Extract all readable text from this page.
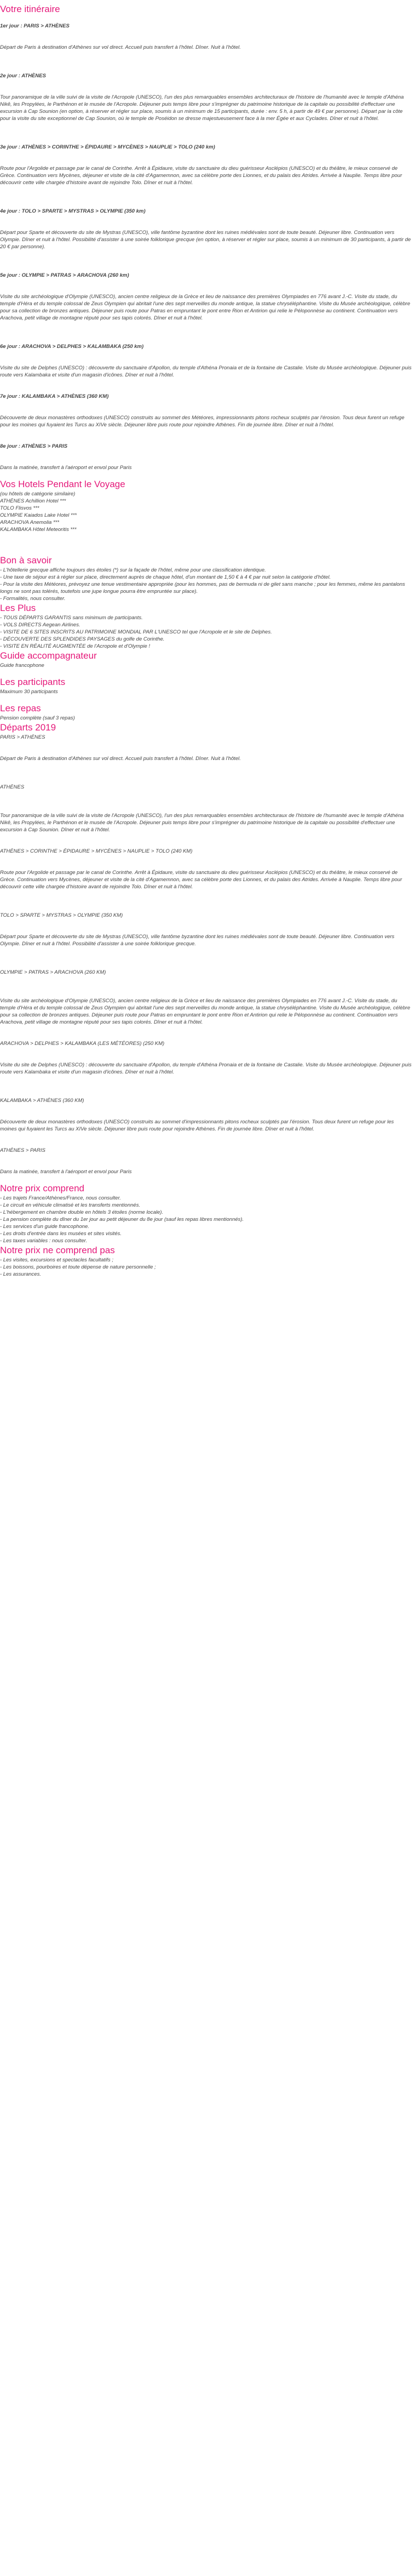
Votre itinéraire

1er jour : PARIS > ATHÈNES

Départ de Paris à destination d'Athènes sur vol direct. Accueil puis transfert à l'hôtel. Dîner. Nuit à l'hôtel.

2e jour : ATHÈNES

Tour panoramique de la ville suivi de la visite de l'Acropole (UNESCO), l'un des plus remarquables ensembles architecturaux de l'histoire de l'humanité avec le temple d'Athéna Nikê, les Propylées, le Parthénon et le musée de l'Acropole. Déjeuner puis temps libre pour s'imprégner du patrimoine historique de la capitale ou possibilité d'effectuer une excursion à Cap Sounion (en option, à réserver et régler sur place, soumis à un minimum de 15 participants, durée : env. 5 h, à partir de 49 € par personne). Départ par la côte pour la visite du site exceptionnel de Cap Sounion, où le temple de Poséidon se dresse majestueusement face à la mer Égée et aux Cyclades. Dîner et nuit à l'hôtel.

3e jour : ATHÈNES > CORINTHE > ÉPIDAURE > MYCÈNES > NAUPLIE > TOLO (240 km)

Route pour l'Argolide et passage par le canal de Corinthe. Arrêt à Épidaure, visite du sanctuaire du dieu guérisseur Asclépios (UNESCO) et du théâtre, le mieux conservé de Grèce. Continuation vers Mycènes, déjeuner et visite de la cité d'Agamemnon, avec sa célèbre porte des Lionnes, et du palais des Atrides. Arrivée à Nauplie. Temps libre pour découvrir cette ville chargée d'histoire avant de rejoindre Tolo. Dîner et nuit à l'hôtel.

4e jour : TOLO > SPARTE > MYSTRAS > OLYMPIE (350 km)

Départ pour Sparte et découverte du site de Mystras (UNESCO), ville fantôme byzantine dont les ruines médiévales sont de toute beauté. Déjeuner libre. Continuation vers Olympie. Dîner et nuit à l'hôtel. Possibilité d'assister à une soirée folklorique grecque (en option, à réserver et régler sur place, soumis à un minimum de 30 participants, à partir de 20 € par personne).

5e jour : OLYMPIE > PATRAS > ARACHOVA (260 km)

Visite du site archéologique d'Olympie (UNESCO), ancien centre religieux de la Grèce et lieu de naissance des premières Olympiades en 776 avant J.-C. Visite du stade, du temple d'Héra et du temple colossal de Zeus Olympien qui abritait l'une des sept merveilles du monde antique, la statue chryséléphantine. Visite du Musée archéologique, célèbre pour sa collection de bronzes antiques. Déjeuner puis route pour Patras en empruntant le pont entre Rion et Antirion qui relie le Péloponnèse au continent. Continuation vers Arachova, petit village de montagne réputé pour ses tapis colorés. Dîner et nuit à l'hôtel.

6e jour : ARACHOVA > DELPHES > KALAMBAKA (250 km)

Visite du site de Delphes (UNESCO) : découverte du sanctuaire d'Apollon, du temple d'Athéna Pronaia et de la fontaine de Castalie. Visite du Musée archéologique. Déjeuner puis route vers Kalambaka et visite d'un magasin d'icônes. Dîner et nuit à l'hôtel.

7e jour : KALAMBAKA > ATHÈNES (360 KM)

Découverte de deux monastères orthodoxes (UNESCO) construits au sommet des Météores, impressionnants pitons rocheux sculptés par l'érosion. Tous deux furent un refuge pour les moines qui fuyaient les Turcs au XIVe siècle. Déjeuner libre puis route pour rejoindre Athènes. Fin de journée libre. Dîner et nuit à l'hôtel.

8e jour : ATHÈNES > PARIS

Dans la matinée, transfert à l'aéroport et envol pour Paris

Vos Hotels Pendant le Voyage
(ou hôtels de catégorie similaire)
ATHÈNES Achillion Hotel ***
TOLO Flisvos ***
OLYMPIE Kaiados Lake Hotel ***
ARACHOVA Anemolia ***
KALAMBAKA Hôtel Meteoritis ***
Bon à savoir
- L'hôtellerie grecque affiche toujours des étoiles (*) sur la façade de l'hôtel, même pour une classification identique.
- Une taxe de séjour est à régler sur place, directement auprès de chaque hôtel, d'un montant de 1,50 € à 4 € par nuit selon la catégorie d'hôtel.
- Pour la visite des Météores, prévoyez une tenue vestimentaire appropriée (pour les hommes, pas de bermuda ni de gilet sans manche ; pour les femmes, même les pantalons longs ne sont pas tolérés, toutefois une jupe longue pourra être empruntée sur place).
- Formalités, nous consulter.
Les Plus
- TOUS DÉPARTS GARANTIS sans minimum de participants.
- VOLS DIRECTS Aegean Airlines.
- VISITE DE 6 SITES INSCRITS AU PATRIMOINE MONDIAL PAR L'UNESCO tel que l'Acropole et le site de Delphes.
- DÉCOUVERTE DES SPLENDIDES PAYSAGES du golfe de Corinthe.
- VISITE EN RÉALITÉ AUGMENTÉE de l'Acropole et d'Olympie !
Guide accompagnateur

Guide francophone

Les participants

Maximum 30 participants

Les repas

Pension complète (sauf 3 repas)

Départs 2019

PARIS > ATHÈNES

Départ de Paris à destination d'Athènes sur vol direct. Accueil puis transfert à l'hôtel. Dîner. Nuit à l'hôtel.

ATHÈNES

Tour panoramique de la ville suivi de la visite de l'Acropole (UNESCO), l'un des plus remarquables ensembles architecturaux de l'histoire de l'humanité avec le temple d'Athéna Nikê, les Propylées, le Parthénon et le musée de l'Acropole. Déjeuner puis temps libre pour s'imprégner du patrimoine historique de la capitale ou possibilité d'effectuer une excursion à Cap Sounion. Dîner et nuit à l'hôtel.

ATHÈNES > CORINTHE > ÉPIDAURE > MYCÈNES > NAUPLIE > TOLO (240 KM)

Route pour l'Argolide et passage par le canal de Corinthe. Arrêt à Épidaure, visite du sanctuaire du dieu guérisseur Asclépios (UNESCO) et du théâtre, le mieux conservé de Grèce. Continuation vers Mycènes, déjeuner et visite de la cité d'Agamemnon, avec sa célèbre porte des Lionnes, et du palais des Atrides. Arrivée à Nauplie. Temps libre pour découvrir cette ville chargée d'histoire avant de rejoindre Tolo. Dîner et nuit à l'hôtel.

TOLO > SPARTE > MYSTRAS > OLYMPIE (350 KM)

Départ pour Sparte et découverte du site de Mystras (UNESCO), ville fantôme byzantine dont les ruines médiévales sont de toute beauté. Déjeuner libre. Continuation vers Olympie. Dîner et nuit à l'hôtel. Possibilité d'assister à une soirée folklorique grecque.

OLYMPIE > PATRAS > ARACHOVA (260 KM)

Visite du site archéologique d'Olympie (UNESCO), ancien centre religieux de la Grèce et lieu de naissance des premières Olympiades en 776 avant J.-C. Visite du stade, du temple d'Héra et du temple colossal de Zeus Olympien qui abritait l'une des sept merveilles du monde antique, la statue chryséléphantine. Visite du Musée archéologique, célèbre pour sa collection de bronzes antiques. Déjeuner puis route pour Patras en empruntant le pont entre Rion et Antirion qui relie le Péloponnèse au continent. Continuation vers Arachova, petit village de montagne réputé pour ses tapis colorés. Dîner et nuit à l'hôtel.

ARACHOVA > DELPHES > KALAMBAKA (LES MÉTÉORES) (250 KM)

Visite du site de Delphes (UNESCO) : découverte du sanctuaire d'Apollon, du temple d'Athéna Pronaia et de la fontaine de Castalie. Visite du Musée archéologique. Déjeuner puis route vers Kalambaka et visite d'un magasin d'icônes. Dîner et nuit à l'hôtel.

KALAMBAKA > ATHÈNES (360 KM)

Découverte de deux monastères orthodoxes (UNESCO) construits au sommet d'impressionnants pitons rocheux sculptés par l'érosion. Tous deux furent un refuge pour les moines qui fuyaient les Turcs au XIVe siècle. Déjeuner libre puis route pour rejoindre Athènes. Fin de journée libre. Dîner et nuit à l'hôtel.

ATHÈNES > PARIS

Dans la matinée, transfert à l'aéroport et envol pour Paris

Notre prix comprend
- Les trajets France/Athènes/France, nous consulter.
- Le circuit en véhicule climatisé et les transferts mentionnés.
- L'hébergement en chambre double en hôtels 3 étoiles (norme locale).
- La pension complète du dîner du 1er jour au petit déjeuner du 8e jour (sauf les repas libres mentionnés).
- Les services d'un guide francophone.
- Les droits d'entrée dans les musées et sites visités.
- Les taxes variables : nous consulter.
Notre prix ne comprend pas
- Les visites, excursions et spectacles facultatifs ;
- Les boissons, pourboires et toute dépense de nature personnelle ;
- Les assurances.
